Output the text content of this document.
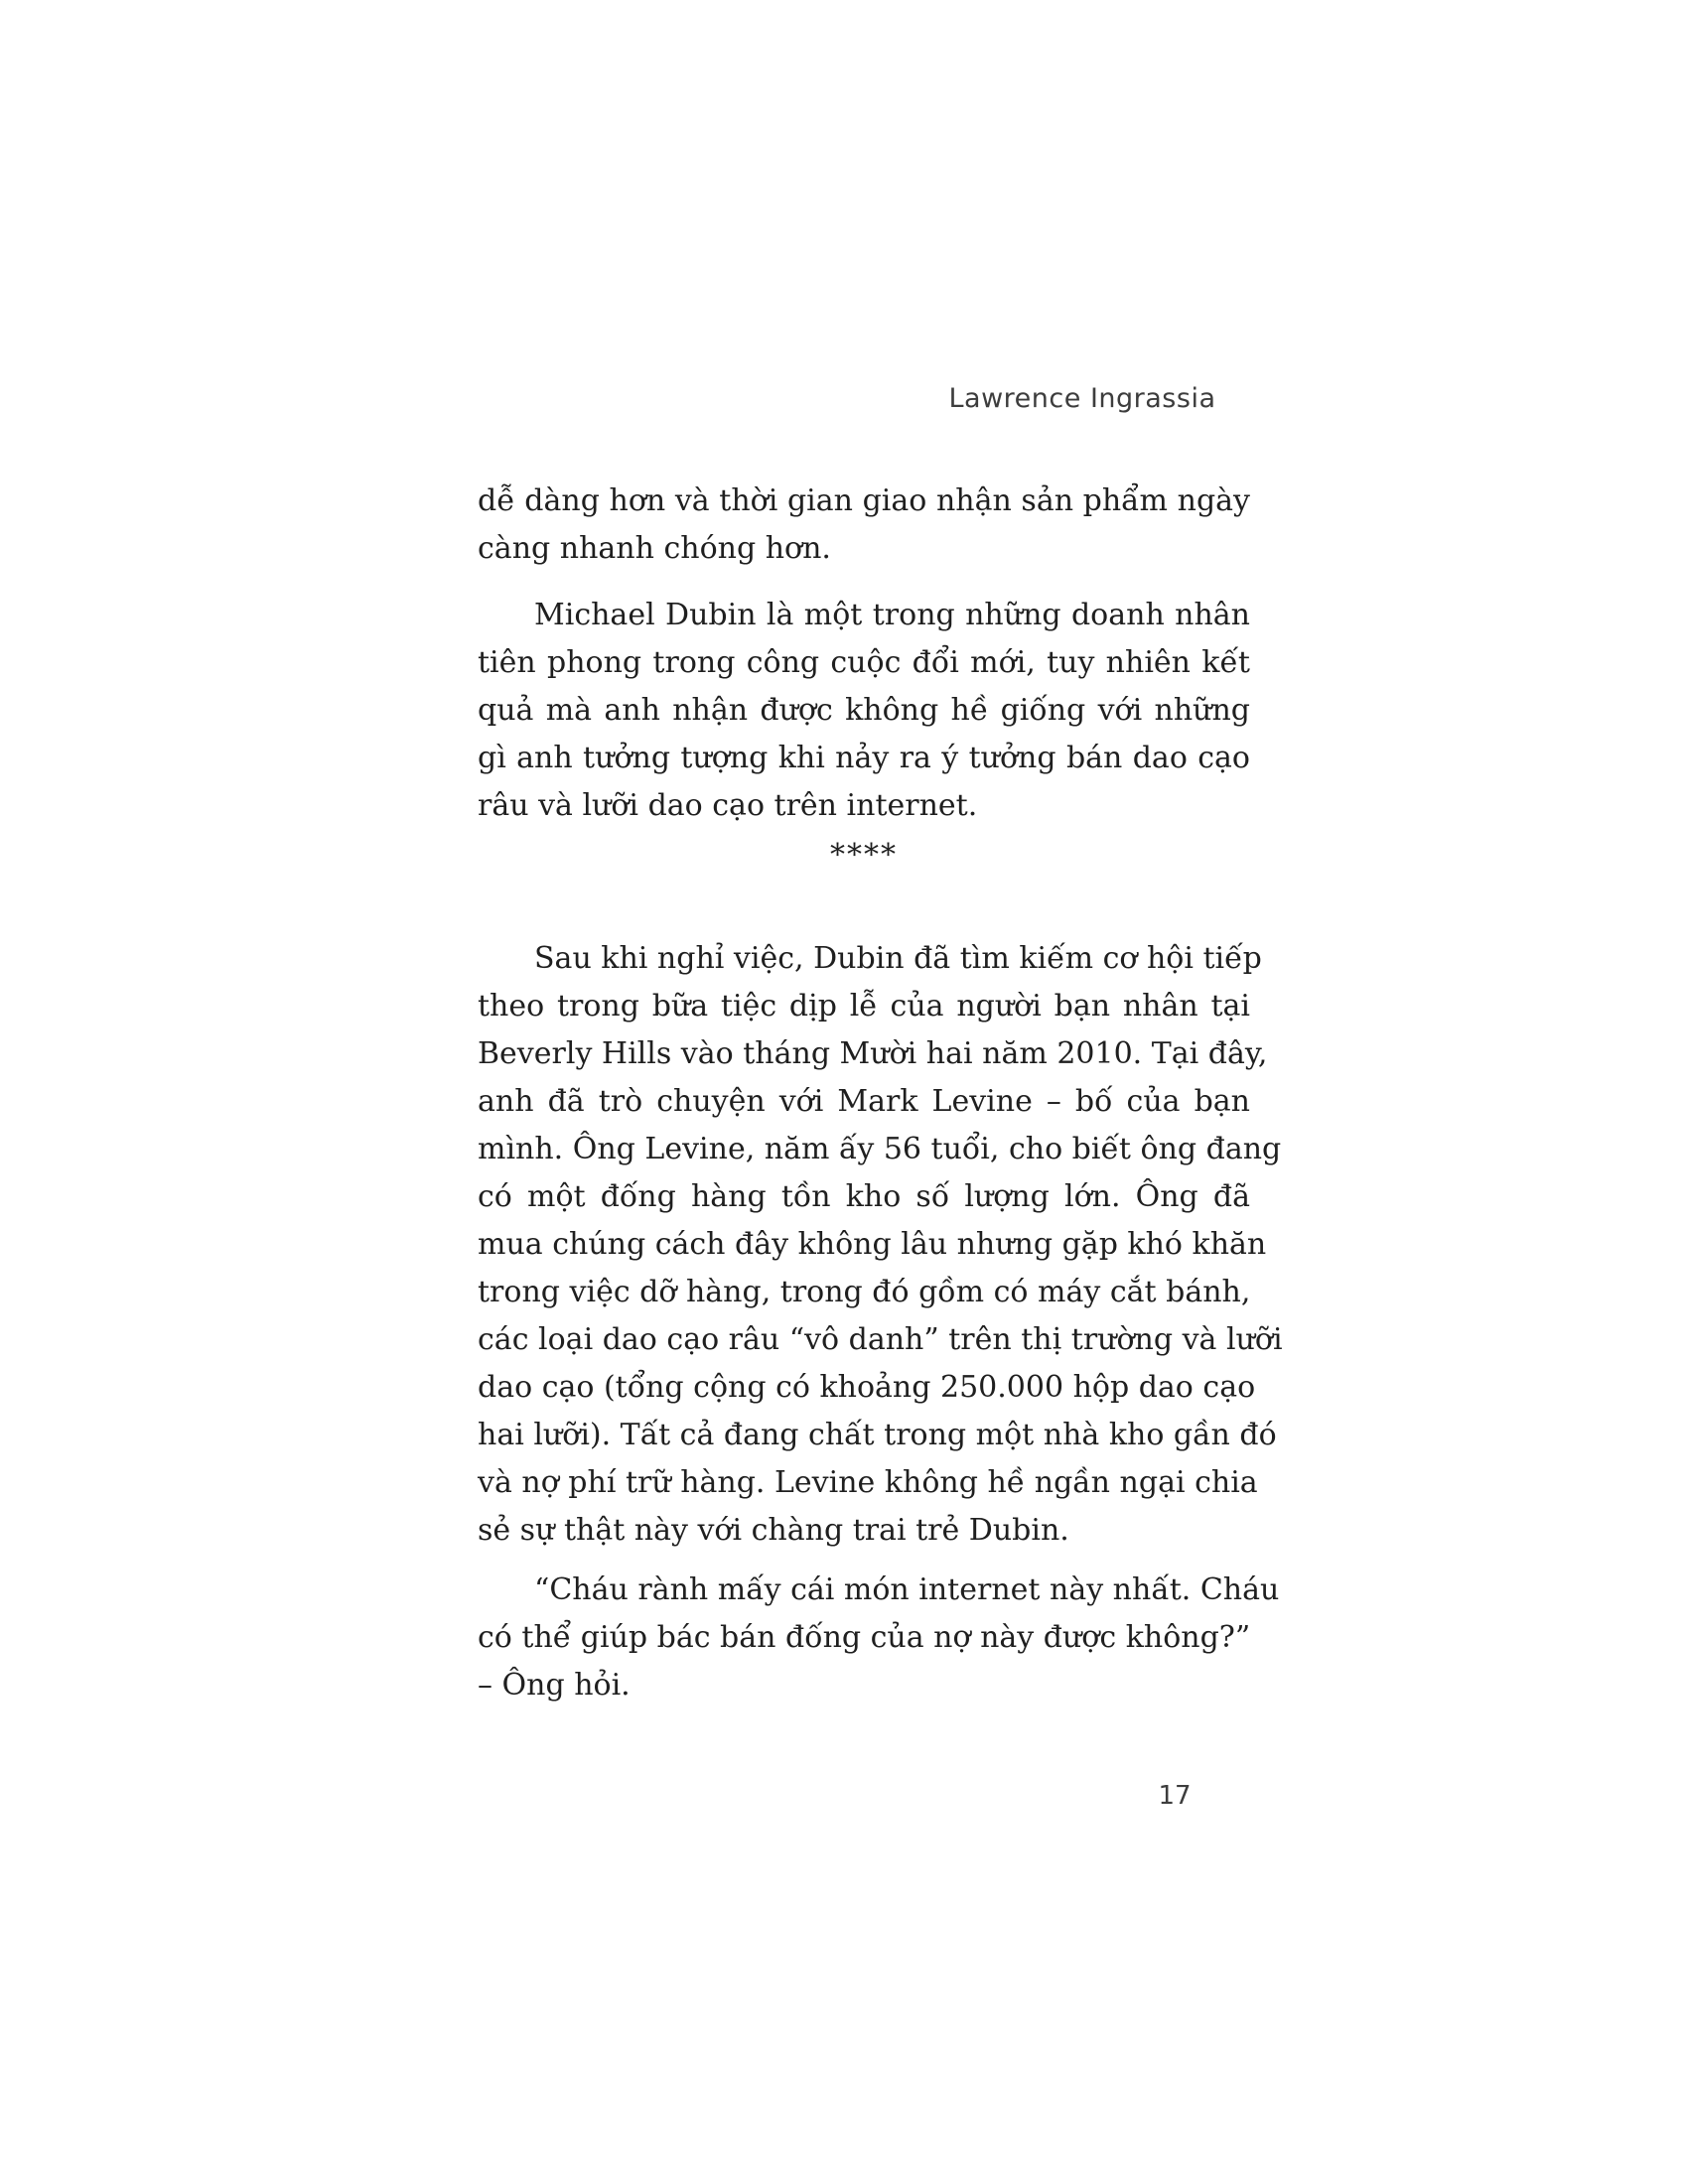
Lawrence Ingrassia
dễ dàng hơn và thời gian giao nhận sản phẩm ngày
càng nhanh chóng hơn.
Michael Dubin là một trong những doanh nhân
tiên phong trong công cuộc đổi mới, tuy nhiên kết
quả mà anh nhận được không hề giống với những
gì anh tưởng tượng khi nảy ra ý tưởng bán dao cạo
râu và lưỡi dao cạo trên internet.
****
Sau khi nghỉ việc, Dubin đã tìm kiếm cơ hội tiếp
theo trong bữa tiệc dịp lễ của người bạn nhân tại
Beverly Hills vào tháng Mười hai năm 2010. Tại đây,
anh đã trò chuyện với Mark Levine – bố của bạn
mình. Ông Levine, năm ấy 56 tuổi, cho biết ông đang
có một đống hàng tồn kho số lượng lớn. Ông đã
mua chúng cách đây không lâu nhưng gặp khó khăn
trong việc dỡ hàng, trong đó gồm có máy cắt bánh,
các loại dao cạo râu “vô danh” trên thị trường và lưỡi
dao cạo (tổng cộng có khoảng 250.000 hộp dao cạo
hai lưỡi). Tất cả đang chất trong một nhà kho gần đó
và nợ phí trữ hàng. Levine không hề ngần ngại chia
sẻ sự thật này với chàng trai trẻ Dubin.
“Cháu rành mấy cái món internet này nhất. Cháu
có thể giúp bác bán đống của nợ này được không?”
– Ông hỏi.
17
